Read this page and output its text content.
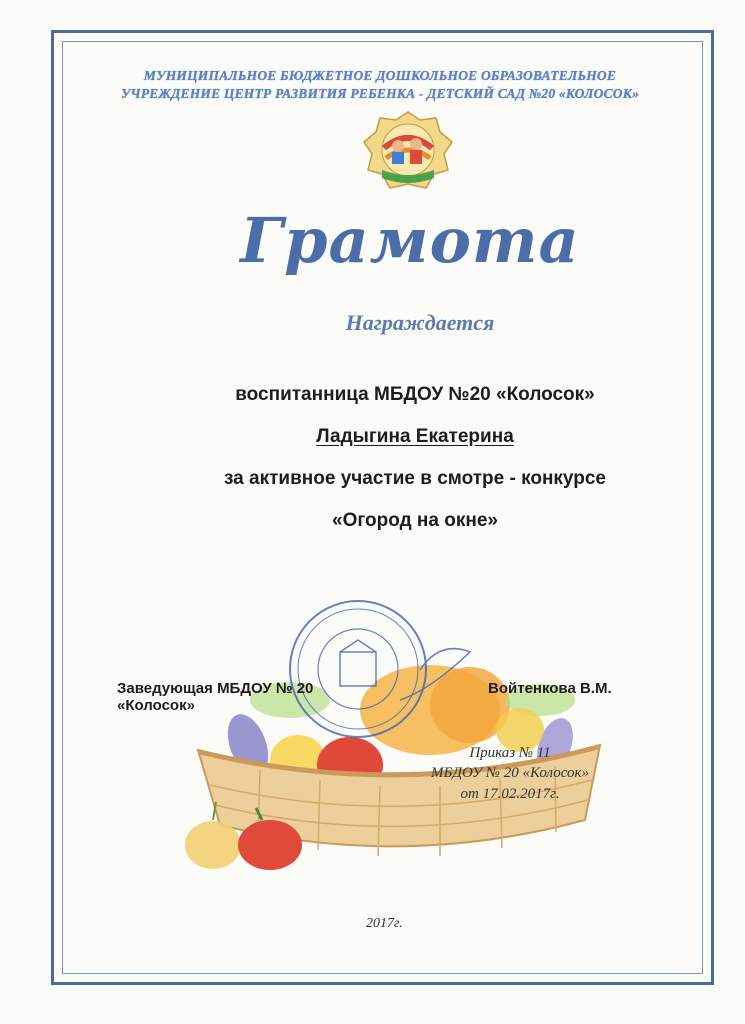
МУНИЦИПАЛЬНОЕ БЮДЖЕТНОЕ ДОШКОЛЬНОЕ ОБРАЗОВАТЕЛЬНОЕ
УЧРЕЖДЕНИЕ ЦЕНТР РАЗВИТИЯ РЕБЕНКА - ДЕТСКИЙ САД №20 «КОЛОСОК»
Грамота
Награждается
воспитанница МБДОУ №20 «Колосок»
Ладыгина Екатерина
за активное участие в смотре - конкурсе
«Огород на окне»
Заведующая МБДОУ № 20
«Колосок»
Войтенкова В.М.
Приказ № 11
МБДОУ № 20 «Колосок»
от 17.02.2017г.
2017г.
